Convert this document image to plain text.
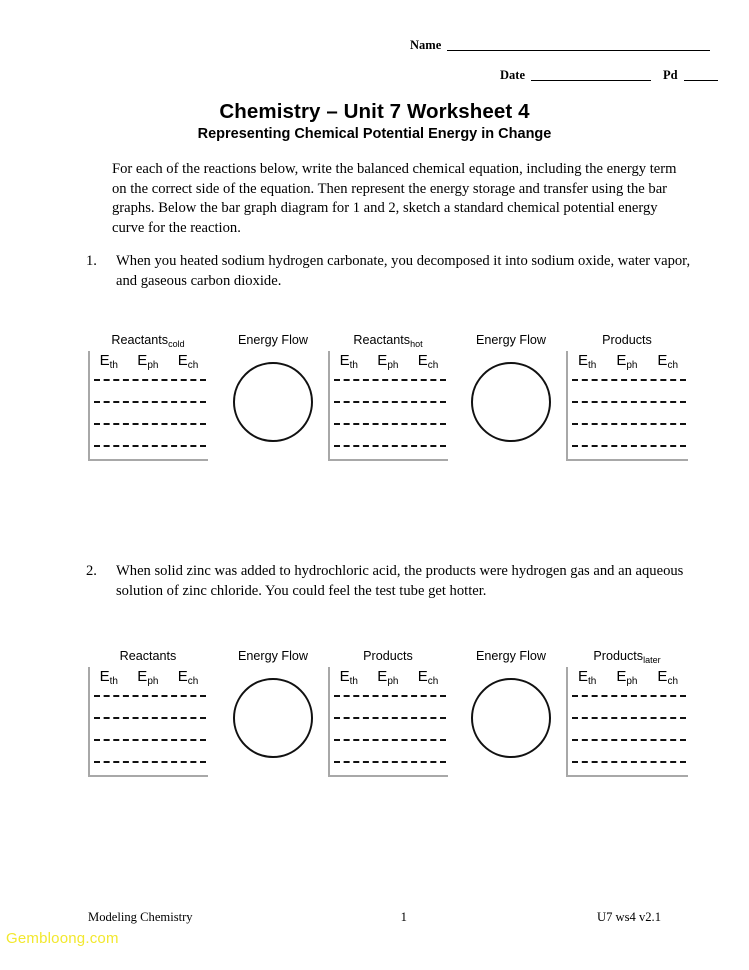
Name
Date	Pd
Chemistry – Unit 7 Worksheet 4
Representing Chemical Potential Energy in Change
For each of the reactions below, write the balanced chemical equation, including the energy term on the correct side of the equation. Then represent the energy storage and transfer using the bar graphs. Below the bar graph diagram for 1 and 2, sketch a standard chemical potential energy curve for the reaction.
1.	When you heated sodium hydrogen carbonate, you decomposed it into sodium oxide, water vapor, and gaseous carbon dioxide.
Reactants$_{cold}$
$E_{th}$ $E_{ph}$ $E_{ch}$
Energy Flow	Reactants$_{hot}$
$E_{th}$ $E_{ph}$ $E_{ch}$
Energy Flow	Products
$E_{th}$ $E_{ph}$ $E_{ch}$
2.	When solid zinc was added to hydrochloric acid, the products were hydrogen gas and an aqueous solution of zinc chloride. You could feel the test tube get hotter.
Reactants
$E_{th}$ $E_{ph}$ $E_{ch}$
Energy Flow	Products
$E_{th}$ $E_{ph}$ $E_{ch}$
Energy Flow	Products$_{later}$
$E_{th}$ $E_{ph}$ $E_{ch}$
Modeling Chemistry	1	U7 ws4 v2.1
Gembloong.com
